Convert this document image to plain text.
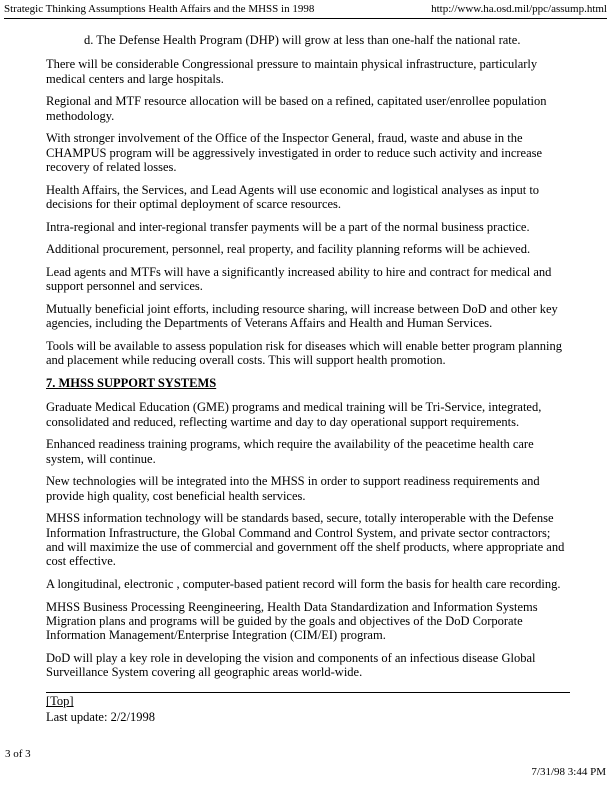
Strategic Thinking Assumptions Health Affairs and the MHSS in 1998	http://www.ha.osd.mil/ppc/assump.html

d. The Defense Health Program (DHP) will grow at less than one-half the national rate.

There will be considerable Congressional pressure to maintain physical infrastructure, particularly medical centers and large hospitals.

Regional and MTF resource allocation will be based on a refined, capitated user/enrollee population methodology.

With stronger involvement of the Office of the Inspector General, fraud, waste and abuse in the CHAMPUS program will be aggressively investigated in order to reduce such activity and increase recovery of related losses.

Health Affairs, the Services, and Lead Agents will use economic and logistical analyses as input to decisions for their optimal deployment of scarce resources.

Intra-regional and inter-regional transfer payments will be a part of the normal business practice.

Additional procurement, personnel, real property, and facility planning reforms will be achieved.

Lead agents and MTFs will have a significantly increased ability to hire and contract for medical and support personnel and services.

Mutually beneficial joint efforts, including resource sharing, will increase between DoD and other key agencies, including the Departments of Veterans Affairs and Health and Human Services.

Tools will be available to assess population risk for diseases which will enable better program planning and placement while reducing overall costs. This will support health promotion.

7. MHSS SUPPORT SYSTEMS

Graduate Medical Education (GME) programs and medical training will be Tri-Service, integrated, consolidated and reduced, reflecting wartime and day to day operational support requirements.

Enhanced readiness training programs, which require the availability of the peacetime health care system, will continue.

New technologies will be integrated into the MHSS in order to support readiness requirements and provide high quality, cost beneficial health services.

MHSS information technology will be standards based, secure, totally interoperable with the Defense Information Infrastructure, the Global Command and Control System, and private sector contractors; and will maximize the use of commercial and government off the shelf products, where appropriate and cost effective.

A longitudinal, electronic , computer-based patient record will form the basis for health care recording.

MHSS Business Processing Reengineering, Health Data Standardization and Information Systems Migration plans and programs will be guided by the goals and objectives of the DoD Corporate Information Management/Enterprise Integration (CIM/EI) program.

DoD will play a key role in developing the vision and components of an infectious disease Global Surveillance System covering all geographic areas world-wide.

[Top]
Last update: 2/2/1998
3 of 3
7/31/98 3:44 PM
